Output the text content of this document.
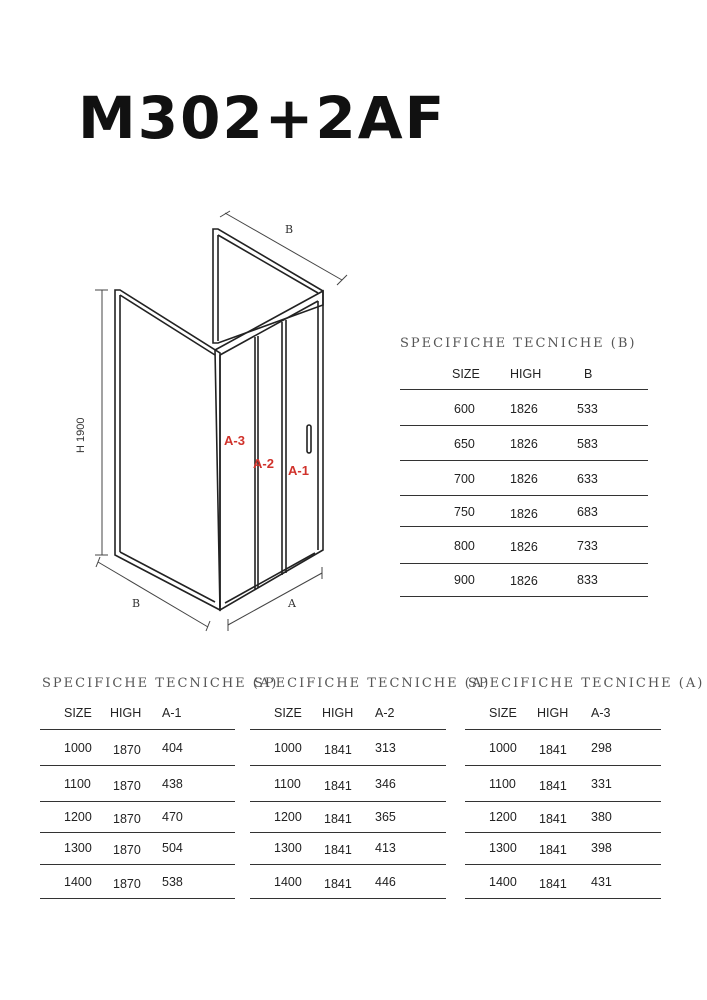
M302+2AF
B
H 1900
B	A
A-3
A-2 A-1
SPECIFICHE TECNICHE (B)
SIZE HIGH	B
600	1826	533
650	1826	583
700	1826	633
750	1826	683
800	1826	733
900	1826	833
SPECIFICHE TECNICHE (A)
SIZE HIGH A-1
1000 1870 404
1100 1870 438
1200 1870 470
1300 1870 504
1400 1870 538
SPECIFICHE TECNICHE (A)
SIZE HIGH A-2
1000 1841 313
1100 1841 346
1200 1841 365
1300 1841 413
1400 1841 446
SPECIFICHE TECNICHE (A)
SIZE HIGH A-3
1000 1841 298
1100 1841 331
1200 1841 380
1300 1841 398
1400 1841 431
